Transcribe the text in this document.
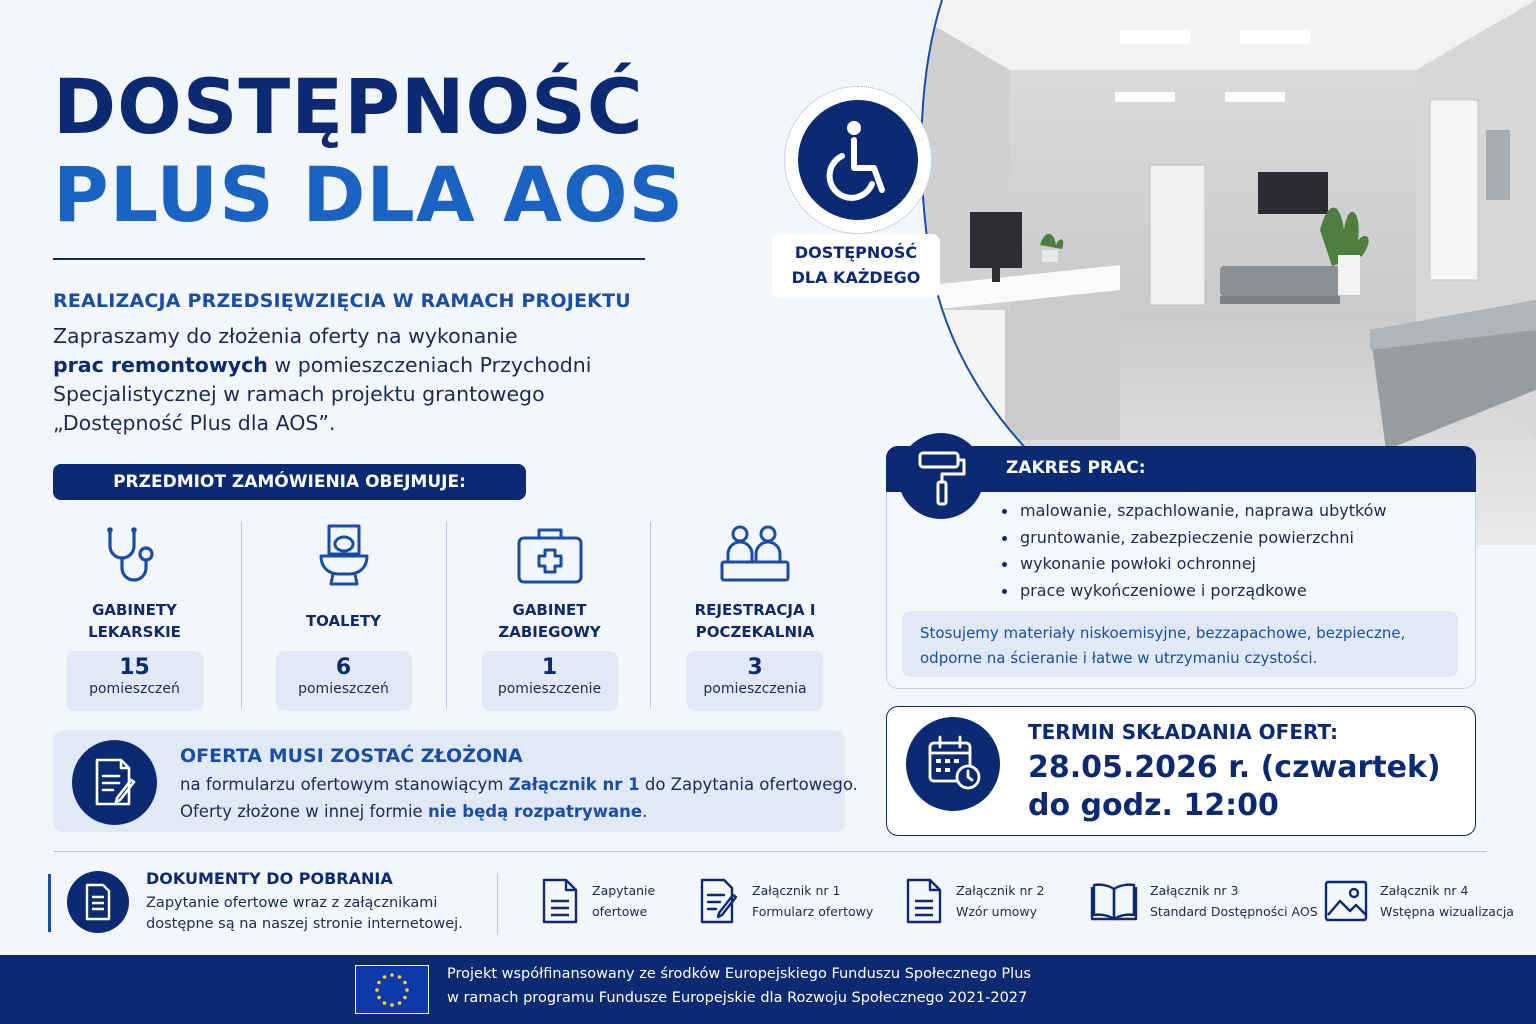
DOSTĘPNOŚĆ
PLUS DLA AOS
REALIZACJA PRZEDSIĘWZIĘCIA W RAMACH PROJEKTU
Zapraszamy do złożenia oferty na wykonanie
prac remontowych w pomieszczeniach Przychodni Specjalistycznej w ramach projektu grantowego „Dostępność Plus dla AOS”.
PRZEDMIOT ZAMÓWIENIA OBEJMUJE:
GABINETY LEKARSKIE
15
pomieszczeń
TOALETY
6
pomieszczeń
GABINET ZABIEGOWY
1
pomieszczenie
REJESTRACJA I POCZEKALNIA
3
pomieszczenia
OFERTA MUSI ZOSTAĆ ZŁOŻONA
na formularzu ofertowym stanowiącym Załącznik nr 1 do Zapytania ofertowego.
Oferty złożone w innej formie nie będą rozpatrywane.
DOSTĘPNOŚĆ
DLA KAŻDEGO
ZAKRES PRAC:
malowanie, szpachlowanie, naprawa ubytków
gruntowanie, zabezpieczenie powierzchni
wykonanie powłoki ochronnej
prace wykończeniowe i porządkowe
Stosujemy materiały niskoemisyjne, bezzapachowe, bezpieczne,
odporne na ścieranie i łatwe w utrzymaniu czystości.
TERMIN SKŁADANIA OFERT:
28.05.2026 r. (czwartek)
do godz. 12:00
DOKUMENTY DO POBRANIA
Zapytanie ofertowe wraz z załącznikami dostępne są na naszej stronie internetowej.
Zapytanie
ofertowe
Załącznik nr 1
Formularz ofertowy
Załącznik nr 2
Wzór umowy
Załącznik nr 3
Standard Dostępności AOS
Załącznik nr 4
Wstępna wizualizacja
Projekt współfinansowany ze środków Europejskiego Funduszu Społecznego Plus
w ramach programu Fundusze Europejskie dla Rozwoju Społecznego 2021-2027
